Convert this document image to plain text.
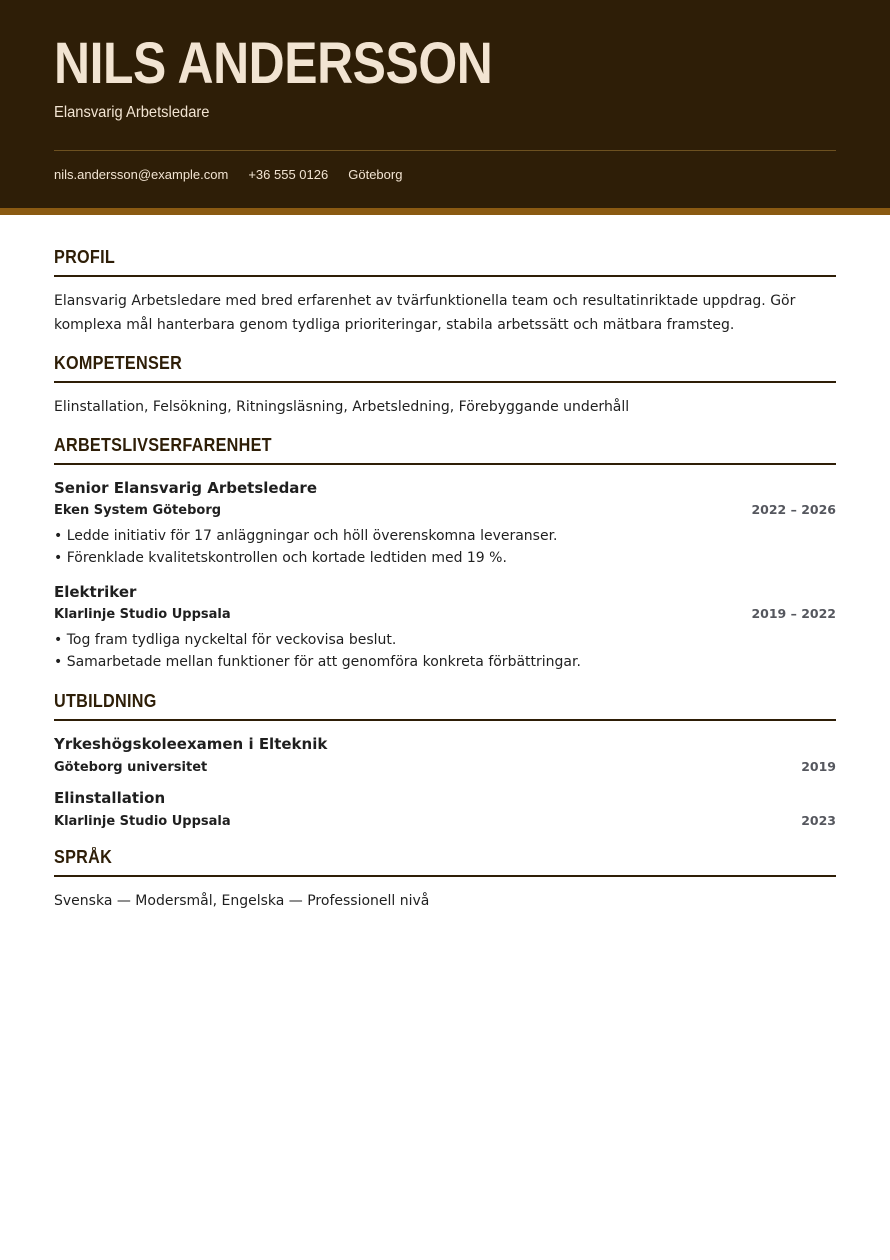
NILS ANDERSSON
Elansvarig Arbetsledare
nils.andersson@example.com +36 555 0126 Göteborg
PROFIL
Elansvarig Arbetsledare med bred erfarenhet av tvärfunktionella team och resultatinriktade uppdrag. Gör komplexa mål hanterbara genom tydliga prioriteringar, stabila arbetssätt och mätbara framsteg.
KOMPETENSER
Elinstallation, Felsökning, Ritningsläsning, Arbetsledning, Förebyggande underhåll
ARBETSLIVSERFARENHET
Senior Elansvarig Arbetsledare
Eken System Göteborg	2022 – 2026
• Ledde initiativ för 17 anläggningar och höll överenskomna leveranser.
• Förenklade kvalitetskontrollen och kortade ledtiden med 19 %.
Elektriker
Klarlinje Studio Uppsala	2019 – 2022
• Tog fram tydliga nyckeltal för veckovisa beslut.
• Samarbetade mellan funktioner för att genomföra konkreta förbättringar.
UTBILDNING
Yrkeshögskoleexamen i Elteknik
Göteborg universitet	2019
Elinstallation
Klarlinje Studio Uppsala	2023
SPRÅK
Svenska — Modersmål, Engelska — Professionell nivå
